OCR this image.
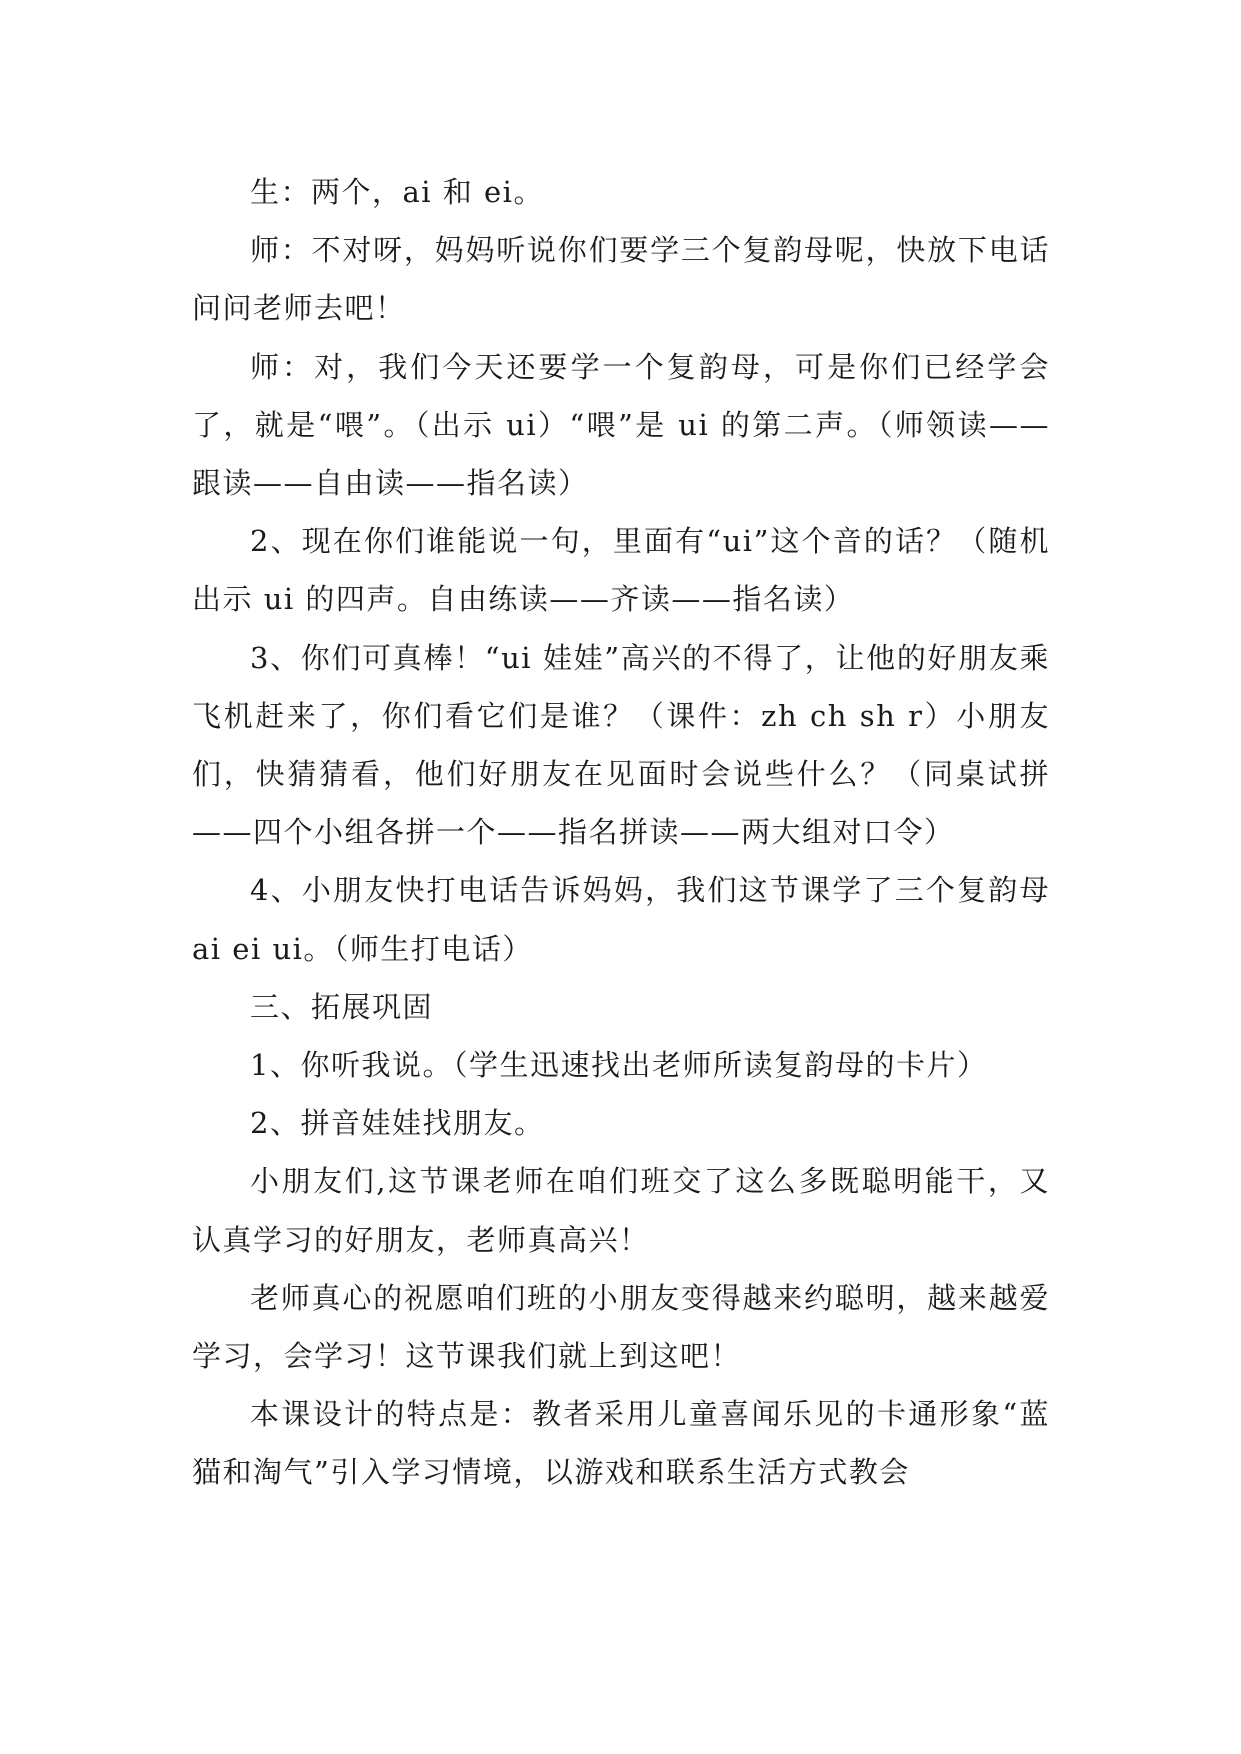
生：两个，ai 和 ei。

师：不对呀，妈妈听说你们要学三个复韵母呢，快放下电话问问老师去吧！

师：对，我们今天还要学一个复韵母，可是你们已经学会了，就是“喂”。（出示 ui）“喂”是 ui 的第二声。（师领读——跟读——自由读——指名读）

2、现在你们谁能说一句，里面有“ui”这个音的话？（随机出示 ui 的四声。自由练读——齐读——指名读）

3、你们可真棒！“ui 娃娃”高兴的不得了，让他的好朋友乘飞机赶来了，你们看它们是谁？（课件：zh ch sh r）小朋友们，快猜猜看，他们好朋友在见面时会说些什么？（同桌试拼——四个小组各拼一个——指名拼读——两大组对口令）

4、小朋友快打电话告诉妈妈，我们这节课学了三个复韵母 ai ei ui。（师生打电话）

三、拓展巩固

1、你听我说。（学生迅速找出老师所读复韵母的卡片）

2、拼音娃娃找朋友。

小朋友们,这节课老师在咱们班交了这么多既聪明能干，又认真学习的好朋友，老师真高兴！

老师真心的祝愿咱们班的小朋友变得越来约聪明，越来越爱学习，会学习！这节课我们就上到这吧！

本课设计的特点是：教者采用儿童喜闻乐见的卡通形象“蓝猫和淘气”引入学习情境，以游戏和联系生活方式教会
